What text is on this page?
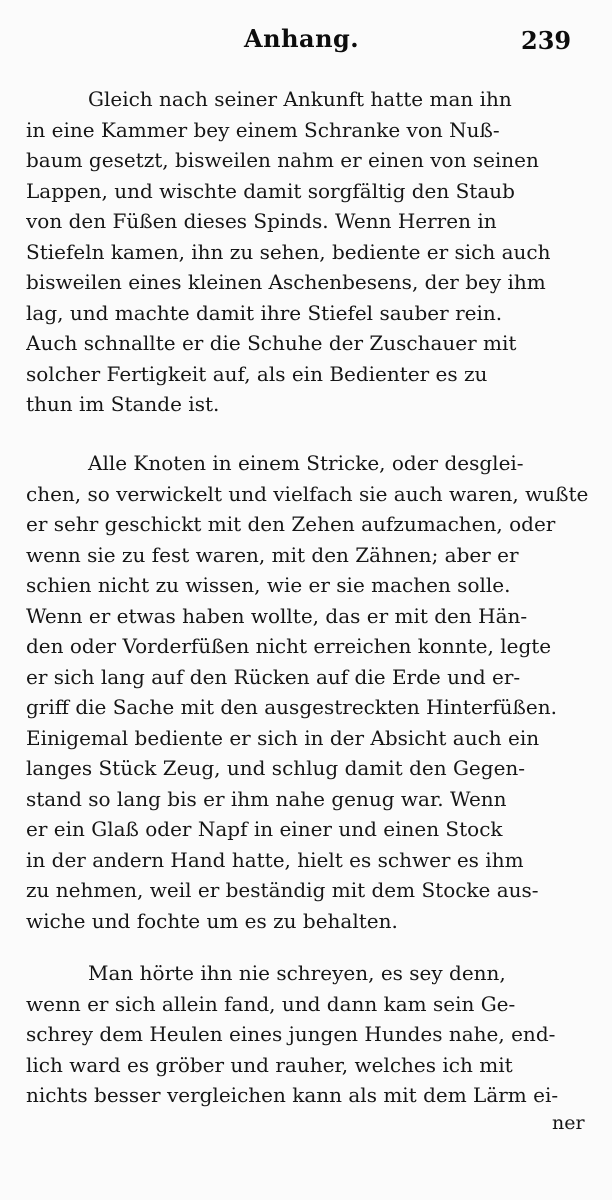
Anhang.	239
Gleich nach seiner Ankunft hatte man ihn
in eine Kammer bey einem Schranke von Nuß-
baum gesetzt, bisweilen nahm er einen von seinen
Lappen, und wischte damit sorgfältig den Staub
von den Füßen dieses Spinds. Wenn Herren in
Stiefeln kamen, ihn zu sehen, bediente er sich auch
bisweilen eines kleinen Aschenbesens, der bey ihm
lag, und machte damit ihre Stiefel sauber rein.
Auch schnallte er die Schuhe der Zuschauer mit
solcher Fertigkeit auf, als ein Bedienter es zu
thun im Stande ist.
Alle Knoten in einem Stricke, oder desglei-
chen, so verwickelt und vielfach sie auch waren, wußte
er sehr geschickt mit den Zehen aufzumachen, oder
wenn sie zu fest waren, mit den Zähnen; aber er
schien nicht zu wissen, wie er sie machen solle.
Wenn er etwas haben wollte, das er mit den Hän-
den oder Vorderfüßen nicht erreichen konnte, legte
er sich lang auf den Rücken auf die Erde und er-
griff die Sache mit den ausgestreckten Hinterfüßen.
Einigemal bediente er sich in der Absicht auch ein
langes Stück Zeug, und schlug damit den Gegen-
stand so lang bis er ihm nahe genug war. Wenn
er ein Glaß oder Napf in einer und einen Stock
in der andern Hand hatte, hielt es schwer es ihm
zu nehmen, weil er beständig mit dem Stocke aus-
wiche und fochte um es zu behalten.
Man hörte ihn nie schreyen, es sey denn,
wenn er sich allein fand, und dann kam sein Ge-
schrey dem Heulen eines jungen Hundes nahe, end-
lich ward es gröber und rauher, welches ich mit
nichts besser vergleichen kann als mit dem Lärm ei-
ner
